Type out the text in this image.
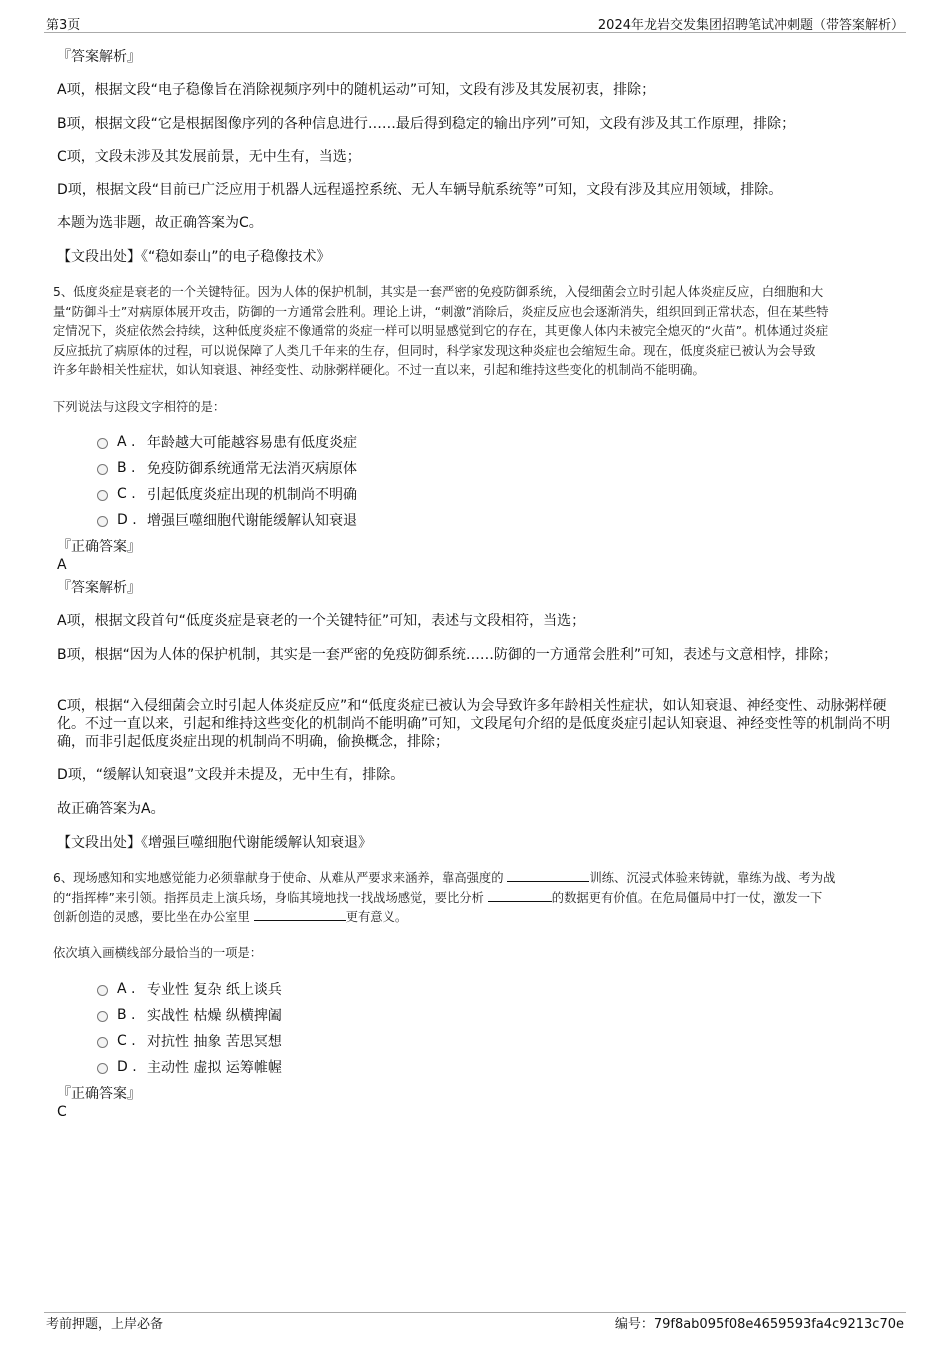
第3页	2024年龙岩交发集团招聘笔试冲刺题（带答案解析）
『答案解析』
A项，根据文段“电子稳像旨在消除视频序列中的随机运动”可知，文段有涉及其发展初衷，排除；
B项，根据文段“它是根据图像序列的各种信息进行……最后得到稳定的输出序列”可知，文段有涉及其工作原理，排除；
C项，文段未涉及其发展前景，无中生有，当选；
D项，根据文段“目前已广泛应用于机器人远程遥控系统、无人车辆导航系统等”可知，文段有涉及其应用领域，排除。
本题为选非题，故正确答案为C。
【文段出处】《“稳如泰山”的电子稳像技术》
5、低度炎症是衰老的一个关键特征。因为人体的保护机制，其实是一套严密的免疫防御系统，入侵细菌会立时引起人体炎症反应，白细胞和大
量“防御斗士”对病原体展开攻击，防御的一方通常会胜利。理论上讲，“刺激”消除后，炎症反应也会逐渐消失，组织回到正常状态，但在某些特
定情况下，炎症依然会持续，这种低度炎症不像通常的炎症一样可以明显感觉到它的存在，其更像人体内未被完全熄灭的“火苗”。机体通过炎症
反应抵抗了病原体的过程，可以说保障了人类几千年来的生存，但同时，科学家发现这种炎症也会缩短生命。现在，低度炎症已被认为会导致
许多年龄相关性症状，如认知衰退、神经变性、动脉粥样硬化。不过一直以来，引起和维持这些变化的机制尚不能明确。
下列说法与这段文字相符的是：
A . 年龄越大可能越容易患有低度炎症
B . 免疫防御系统通常无法消灭病原体
C . 引起低度炎症出现的机制尚不明确
D . 增强巨噬细胞代谢能缓解认知衰退
『正确答案』
A
『答案解析』
A项，根据文段首句“低度炎症是衰老的一个关键特征”可知，表述与文段相符，当选；
B项，根据“因为人体的保护机制，其实是一套严密的免疫防御系统……防御的一方通常会胜利”可知，表述与文意相悖，排除；
C项，根据“入侵细菌会立时引起人体炎症反应”和“低度炎症已被认为会导致许多年龄相关性症状，如认知衰退、神经变性、动脉粥样硬化。不过一直以来，引起和维持这些变化的机制尚不能明确”可知，文段尾句介绍的是低度炎症引起认知衰退、神经变性等的机制尚不明确，而非引起低度炎症出现的机制尚不明确，偷换概念，排除；
D项，“缓解认知衰退”文段并未提及，无中生有，排除。
故正确答案为A。
【文段出处】《增强巨噬细胞代谢能缓解认知衰退》
6、现场感知和实地感觉能力必须靠献身于使命、从难从严要求来涵养，靠高强度的	训练、沉浸式体验来铸就，靠练为战、考为战
的“指挥棒”来引领。指挥员走上演兵场，身临其境地找一找战场感觉，要比分析	的数据更有价值。在危局僵局中打一仗，激发一下
创新创造的灵感，要比坐在办公室里	更有意义。
依次填入画横线部分最恰当的一项是：
A . 专业性 复杂 纸上谈兵
B . 实战性 枯燥 纵横捭阖
C . 对抗性 抽象 苦思冥想
D . 主动性 虚拟 运筹帷幄
『正确答案』
C
考前押题，上岸必备	编号：79f8ab095f08e4659593fa4c9213c70e
